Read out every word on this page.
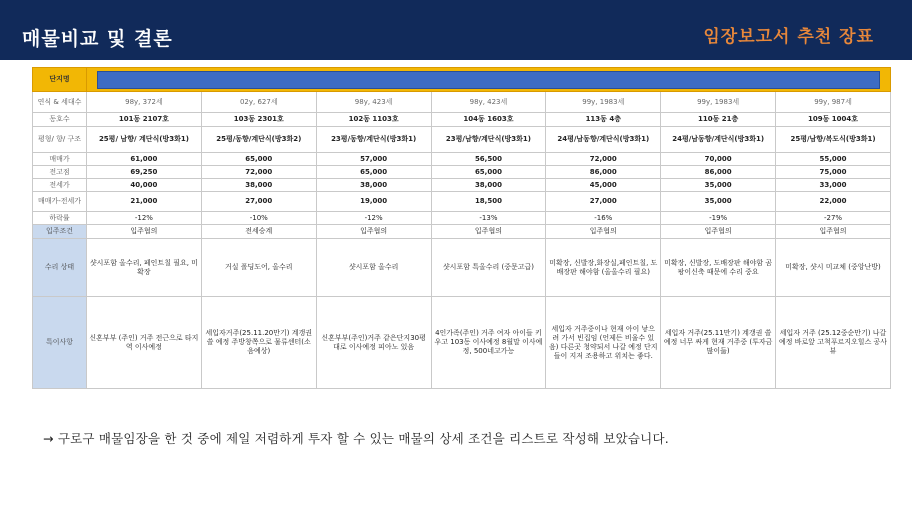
매물비교 및 결론	임장보고서 추천 장표
단지명							

연식 & 세대수	98y, 372세	02y, 627세	98y, 423세	98y, 423세	99y, 1983세	99y, 1983세	99y, 987세
동호수	101동 2107호	103동 2301호	102동 1103호	104동 1603호	113동 4층	110동 21층	109동 1004호
평형/ 향/ 구조	25평/ 남향/ 계단식(방3화1)	25평/동향/계단식(방3화2)	23평/동향/계단식(방3화1)	23평/남향/계단식(방3화1)	24평/남동향/계단식(방3화1)	24평/남동향/계단식(방3화1)	25평/남향/복도식(방3화1)
매매가	61,000	65,000	57,000	56,500	72,000	70,000	55,000
전고점	69,250	72,000	65,000	65,000	86,000	86,000	75,000
전세가	40,000	38,000	38,000	38,000	45,000	35,000	33,000
매매가-전세가	21,000	27,000	19,000	18,500	27,000	35,000	22,000
하락률	-12%	-10%	-12%	-13%	-16%	-19%	-27%
입주조건	입주협의	전세승계	입주협의	입주협의	입주협의	입주협의	입주협의
수리 상태	샷시포함 올수리, 페인트칠 필요, 미확장	거실 폴딩도어, 올수리	샷시포함 올수리	샷시포함 특올수리 (중문고급)	미확장, 신발장,화장실,페인트칠, 도배장판 해야함 (올올수리 필요)	미확장, 신발장, 도배장판 해야함 곰팡이신축 때문에 수리 중요	미확장, 샷시 미교체 (중앙난방)
특이사항	신혼부부 (주인) 거주 전근으로 타지역 이사예정	세입자거주(25.11.20만기) 계갱권 쓸 예정 주방창쪽으로 물류센터(소음예상)	신혼부부(주인)거주 같은단지30평대로 이사예정 피아노 있음	4인가족(주인) 거주 여자 아이들 키우고 103동 이사예정 8월말 이사예정, 500네고가능	세입자 거주중이나 현재 아이 낳으려 가서 빈집임 (언제든 비울수 있음) 다른곳 청약되서 나갈 예정 단지들이 지저 조용하고 위치는 좋다.	세입자 거주(25.11만기) 계갱권 쓸 예정 너무 싸게 현재 거주중 (투자금 많이듦)	세입자 거주 (25.12중순만기) 나갈예정 바로앞 고척푸르지오힐스 공사뷰
→ 구로구 매물임장을 한 것 중에 제일 저렴하게 투자 할 수 있는 매물의 상세 조건을 리스트로 작성해 보았습니다.
